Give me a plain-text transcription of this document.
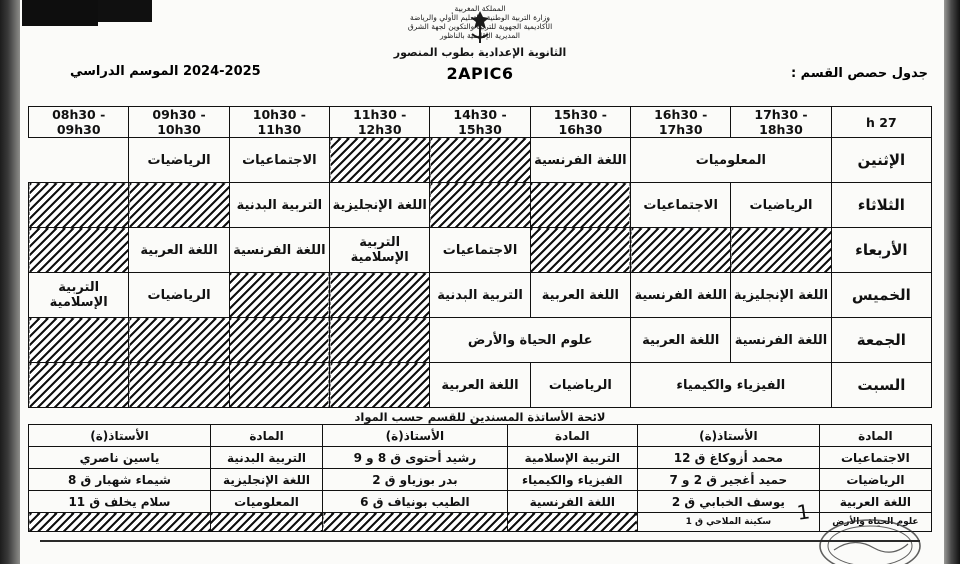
المملكة المغربية
وزارة التربية الوطنية والتعليم الأولي والرياضة
الأكاديمية الجهوية للتربية والتكوين لجهة الشرق
المديرية الإقليمية بالناظور
الثانوية الإعدادية بطوب المنصور
جدول حصص القسم :
2APIC6
2024-2025 الموسم الدراسي
27 h	17h30 - 18h30	16h30 - 17h30	15h30 - 16h30	14h30 - 15h30	11h30 - 12h30	10h30 - 11h30	09h30 - 10h30	08h30 - 09h30
الإثنين	المعلوميات		اللغة الفرنسية			الاجتماعيات	الرياضيات	
الثلاثاء	الرياضيات	الاجتماعيات			اللغة الإنجليزية	التربية البدنية		
الأربعاء				الاجتماعيات	التربية الإسلامية	اللغة الفرنسية	اللغة العربية	
الخميس	اللغة الإنجليزية	اللغة الفرنسية	اللغة العربية	التربية البدنية			الرياضيات	التربية الإسلامية
الجمعة	اللغة الفرنسية	اللغة العربية	علوم الحياة والأرض					
السبت	الفيزياء والكيمياء		الرياضيات	اللغة العربية				
لائحة الأساتذة المسندين للقسم حسب المواد
المادة	الأستاذ(ة)	المادة	الأستاذ(ة)	المادة	الأستاذ(ة)
الاجتماعيات	محمد أزوكاغ ق 12	التربية الإسلامية	رشيد أحتوى ق 8 و 9	التربية البدنية	ياسين ناصري
الرياضيات	حميد أغجير ق 2 و 7	الفيزياء والكيمياء	بدر بوزياو ق 2	اللغة الإنجليزية	شيماء شهبار ق 8
اللغة العربية	يوسف الخبابي ق 2	اللغة الفرنسية	الطيب بونياف ق 6	المعلوميات	سلام يخلف ق 11
علوم الحياة والأرض	سكينة الملاحي ق 1				1
